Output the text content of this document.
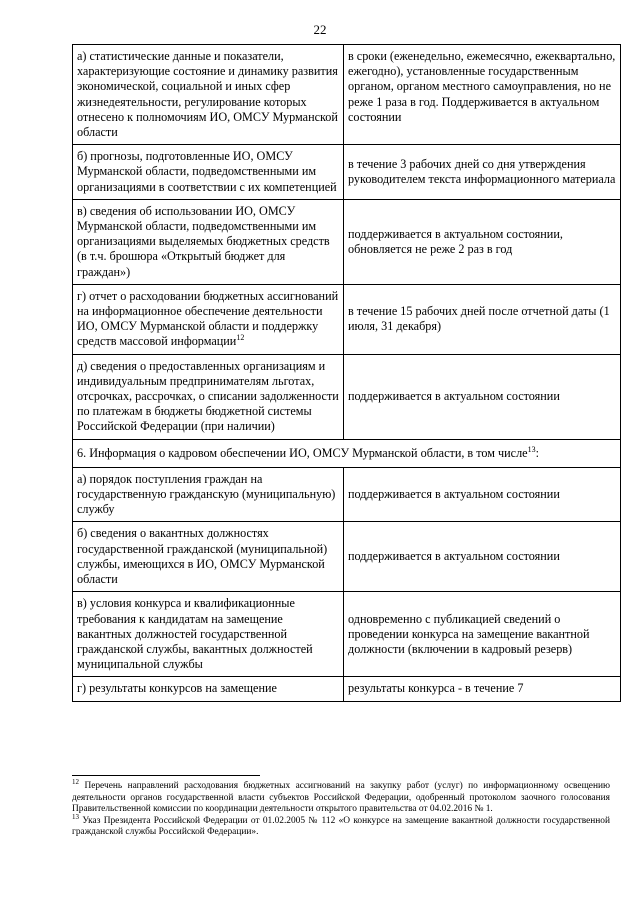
22
а) статистические данные и показатели, характеризующие состояние и динамику развития экономической, социальной и иных сфер жизнедеятельности, регулирование которых отнесено к полномочиям ИО, ОМСУ Мурманской области	в сроки (еженедельно, ежемесячно, ежеквартально, ежегодно), установленные государственным органом, органом местного самоуправления, но не реже 1 раза в год. Поддерживается в актуальном состоянии
б) прогнозы, подготовленные ИО, ОМСУ Мурманской области, подведомственными им организациями в соответствии с их компетенцией	в течение 3 рабочих дней со дня утверждения руководителем текста информационного материала
в) сведения об использовании ИО, ОМСУ Мурманской области, подведомственными им организациями выделяемых бюджетных средств (в т.ч. брошюра «Открытый бюджет для граждан»)	поддерживается в актуальном состоянии, обновляется не реже 2 раз в год
г) отчет о расходовании бюджетных ассигнований на информационное обеспечение деятельности ИО, ОМСУ Мурманской области и поддержку средств массовой информации$^{12}$	в течение 15 рабочих дней после отчетной даты (1 июля, 31 декабря)
д) сведения о предоставленных организациям и индивидуальным предпринимателям льготах, отсрочках, рассрочках, о списании задолженности по платежам в бюджеты бюджетной системы Российской Федерации (при наличии)	поддерживается в актуальном состоянии
6. Информация о кадровом обеспечении ИО, ОМСУ Мурманской области, в том числе$^{13}$:	
а) порядок поступления граждан на государственную гражданскую (муниципальную) службу	поддерживается в актуальном состоянии
б) сведения о вакантных должностях государственной гражданской (муниципальной) службы, имеющихся в ИО, ОМСУ Мурманской области	поддерживается в актуальном состоянии
в) условия конкурса и квалификационные требования к кандидатам на замещение вакантных должностей государственной гражданской службы, вакантных должностей муниципальной службы	одновременно с публикацией сведений о проведении конкурса на замещение вакантной должности (включении в кадровый резерв)
г) результаты конкурсов на замещение	результаты конкурса - в течение 7

$^{12}$ Перечень направлений расходования бюджетных ассигнований на закупку работ (услуг) по информационному освещению деятельности органов государственной власти субъектов Российской Федерации, одобренный протоколом заочного голосования Правительственной комиссии по координации деятельности открытого правительства от 04.02.2016 № 1.

$^{13}$ Указ Президента Российской Федерации от 01.02.2005 № 112 «О конкурсе на замещение вакантной должности государственной гражданской службы Российской Федерации».
